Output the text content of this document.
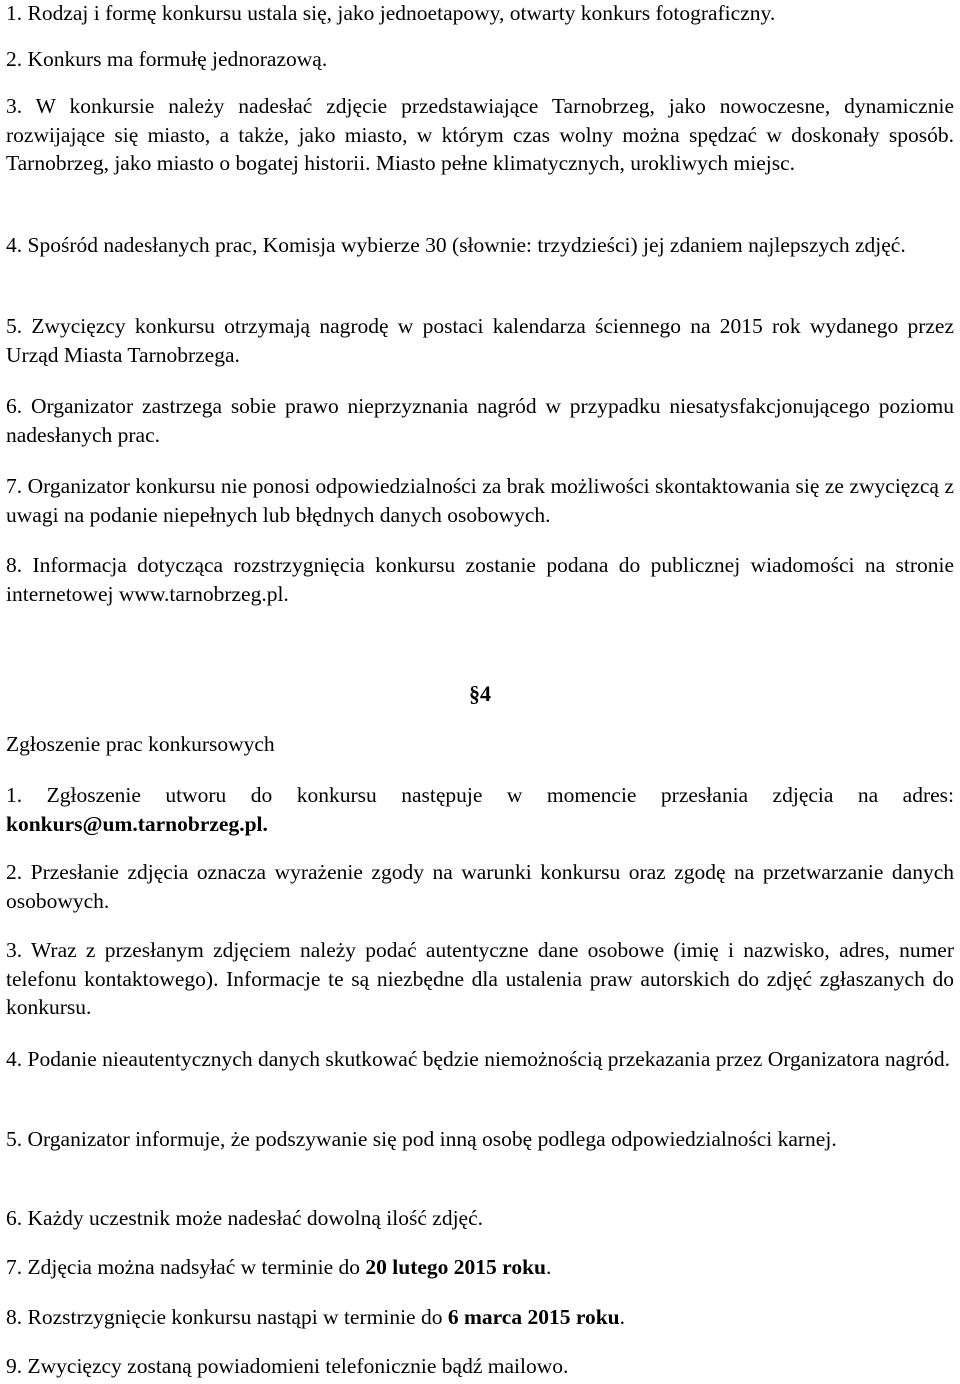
1. Rodzaj i formę konkursu ustala się, jako jednoetapowy, otwarty konkurs fotograficzny.

2. Konkurs ma formułę jednorazową.

3. W konkursie należy nadesłać zdjęcie przedstawiające Tarnobrzeg, jako nowoczesne, dynamicznie rozwijające się miasto, a także, jako miasto, w którym czas wolny można spędzać w doskonały sposób. Tarnobrzeg, jako miasto o bogatej historii. Miasto pełne klimatycznych, urokliwych miejsc.

4. Spośród nadesłanych prac, Komisja wybierze 30 (słownie: trzydzieści) jej zdaniem najlepszych zdjęć.

5. Zwycięzcy konkursu otrzymają nagrodę w postaci kalendarza ściennego na 2015 rok wydanego przez Urząd Miasta Tarnobrzega.

6. Organizator zastrzega sobie prawo nieprzyznania nagród w przypadku niesatysfakcjonującego poziomu nadesłanych prac.

7. Organizator konkursu nie ponosi odpowiedzialności za brak możliwości skontaktowania się ze zwycięzcą z uwagi na podanie niepełnych lub błędnych danych osobowych.

8. Informacja dotycząca rozstrzygnięcia konkursu zostanie podana do publicznej wiadomości na stronie internetowej www.tarnobrzeg.pl.

§4
Zgłoszenie prac konkursowych

1. Zgłoszenie utworu do konkursu następuje w momencie przesłania zdjęcia na adres: konkurs@um.tarnobrzeg.pl.

2. Przesłanie zdjęcia oznacza wyrażenie zgody na warunki konkursu oraz zgodę na przetwarzanie danych osobowych.

3. Wraz z przesłanym zdjęciem należy podać autentyczne dane osobowe (imię i nazwisko, adres, numer telefonu kontaktowego). Informacje te są niezbędne dla ustalenia praw autorskich do zdjęć zgłaszanych do konkursu.

4. Podanie nieautentycznych danych skutkować będzie niemożnością przekazania przez Organizatora nagród.

5. Organizator informuje, że podszywanie się pod inną osobę podlega odpowiedzialności karnej.

6. Każdy uczestnik może nadesłać dowolną ilość zdjęć.

7. Zdjęcia można nadsyłać w terminie do 20 lutego 2015 roku.

8. Rozstrzygnięcie konkursu nastąpi w terminie do 6 marca 2015 roku.

9. Zwycięzcy zostaną powiadomieni telefonicznie bądź mailowo.
